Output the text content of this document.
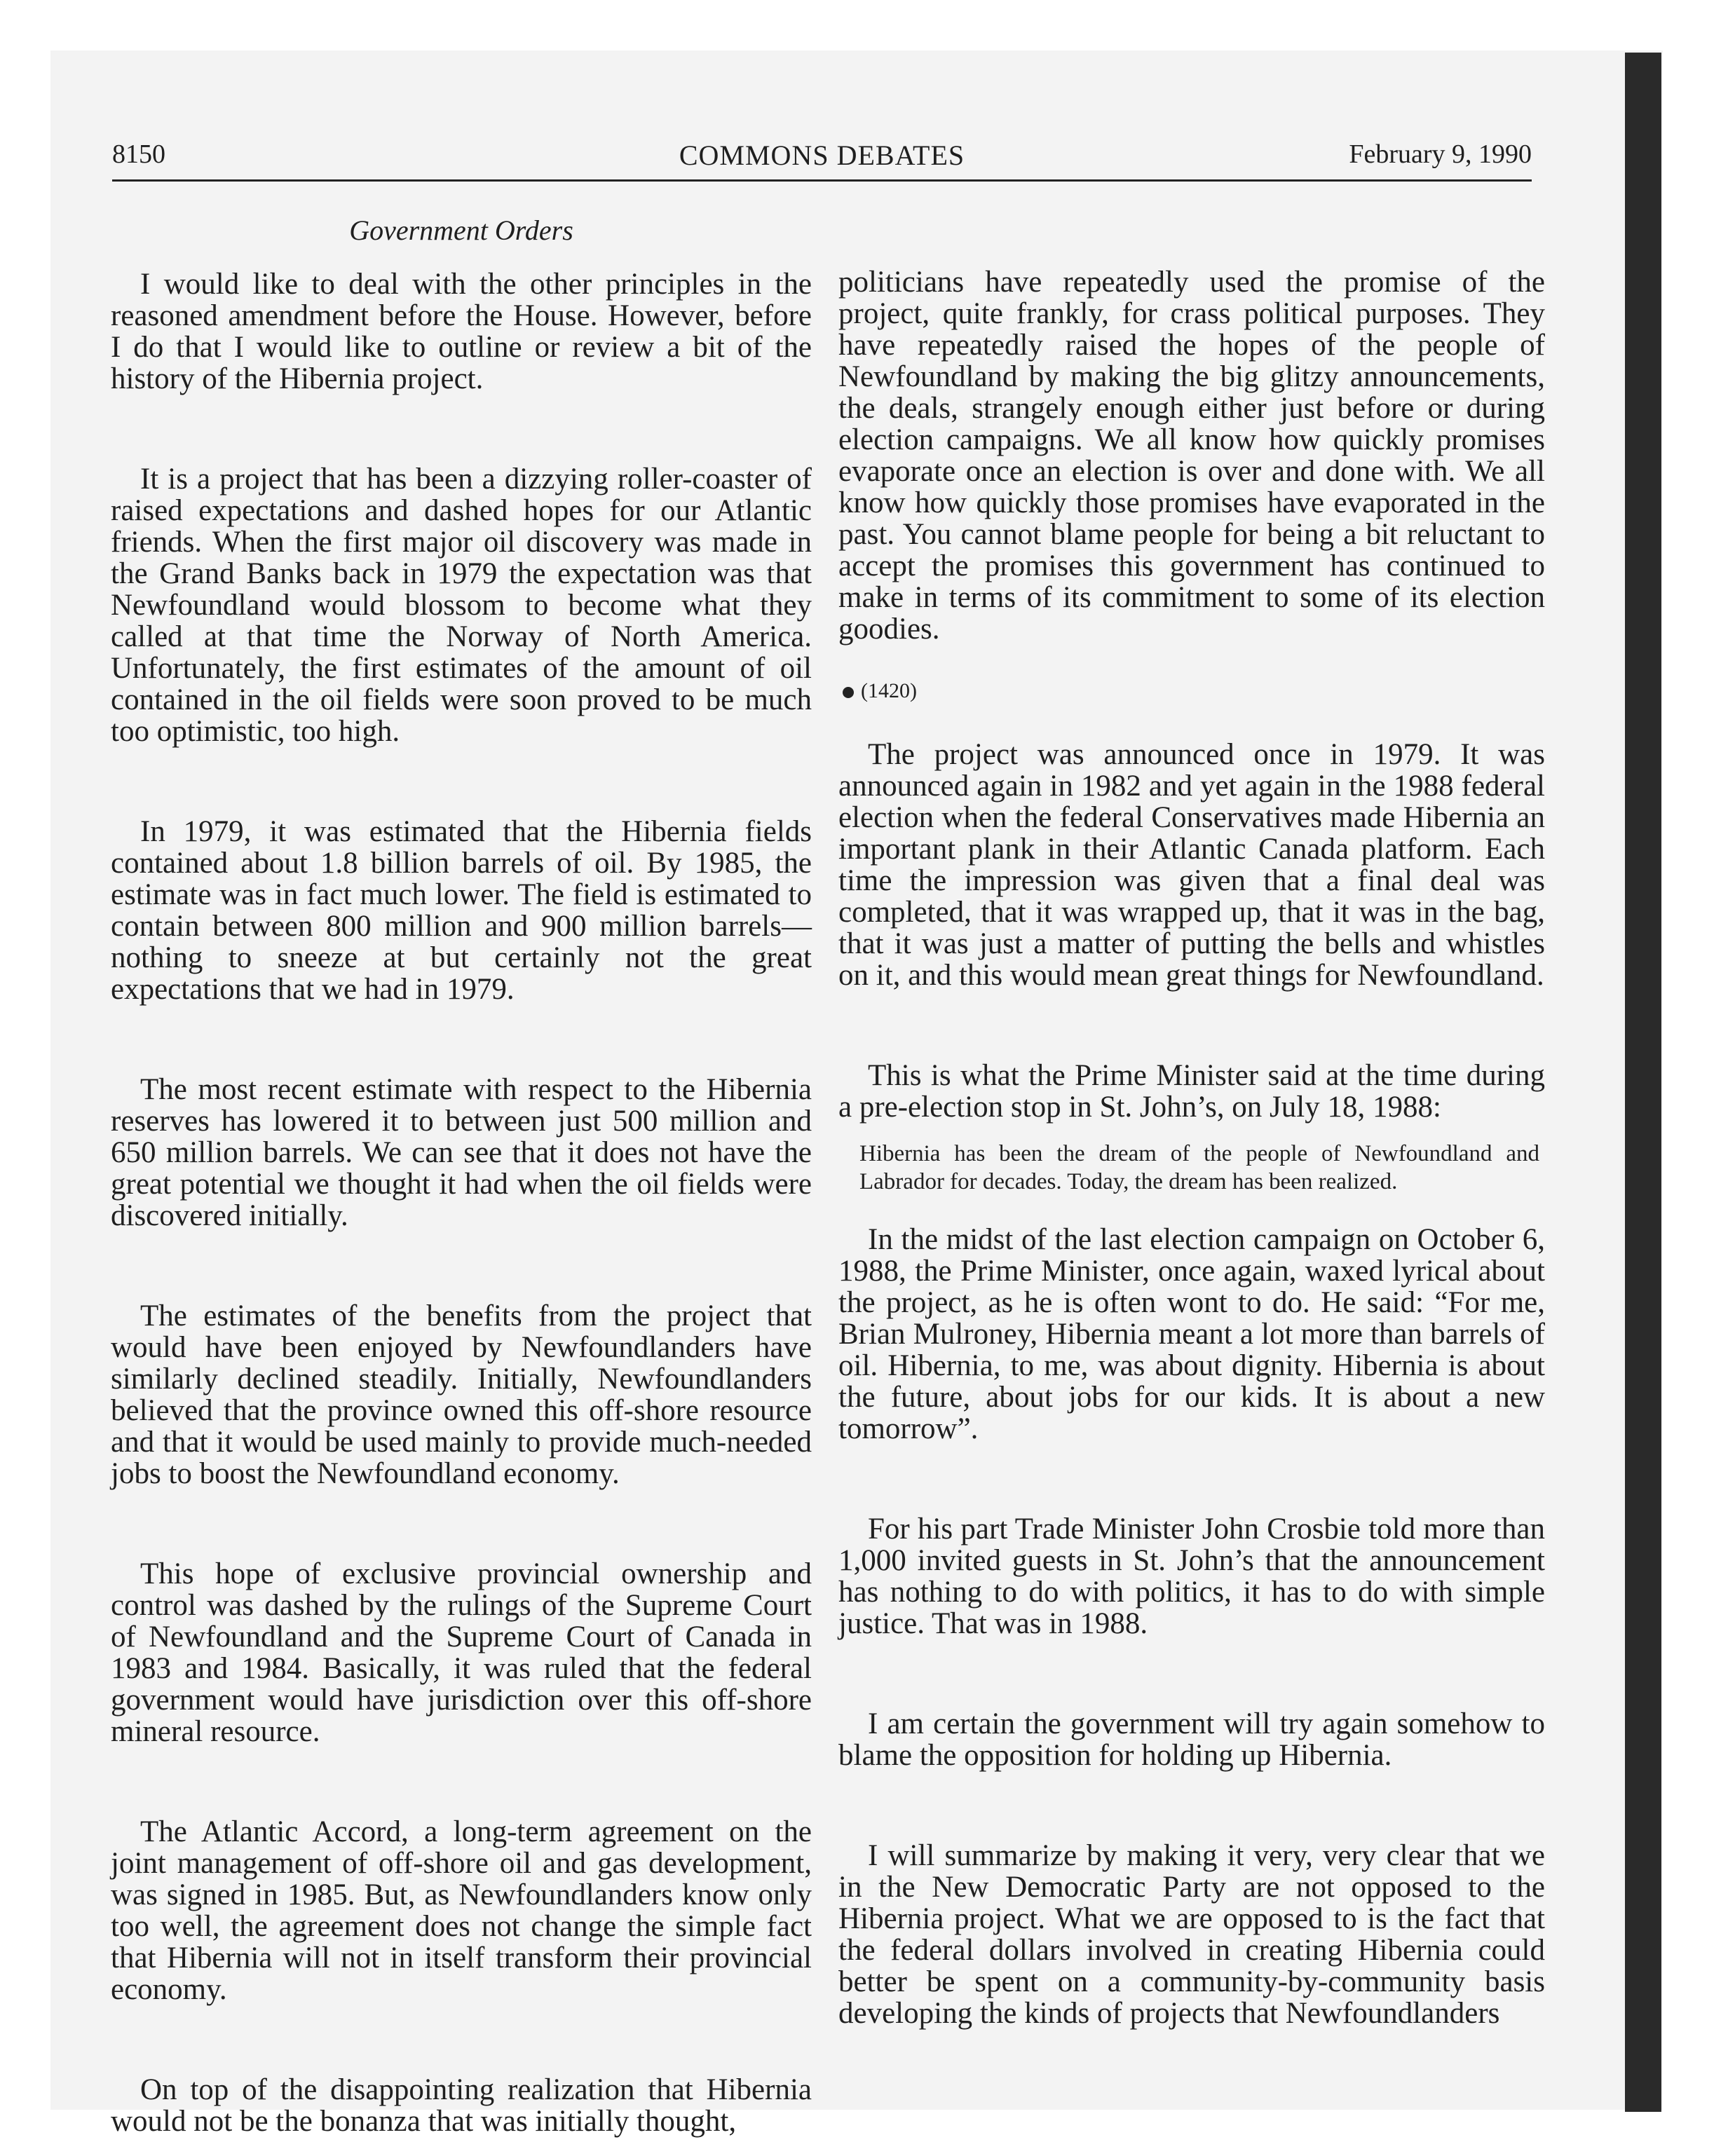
8150	COMMONS DEBATES	February 9, 1990
Government Orders

I would like to deal with the other principles in the reasoned amendment before the House. However, before I do that I would like to outline or review a bit of the history of the Hibernia project.

It is a project that has been a dizzying roller-coaster of raised expectations and dashed hopes for our Atlantic friends. When the first major oil discovery was made in the Grand Banks back in 1979 the expectation was that Newfoundland would blossom to become what they called at that time the Norway of North America. Unfortunately, the first estimates of the amount of oil contained in the oil fields were soon proved to be much too optimistic, too high.

In 1979, it was estimated that the Hibernia fields contained about 1.8 billion barrels of oil. By 1985, the estimate was in fact much lower. The field is estimated to contain between 800 million and 900 million barrels—nothing to sneeze at but certainly not the great expectations that we had in 1979.

The most recent estimate with respect to the Hibernia reserves has lowered it to between just 500 million and 650 million barrels. We can see that it does not have the great potential we thought it had when the oil fields were discovered initially.

The estimates of the benefits from the project that would have been enjoyed by Newfoundlanders have similarly declined steadily. Initially, Newfoundlanders believed that the province owned this off-shore resource and that it would be used mainly to provide much-needed jobs to boost the Newfoundland economy.

This hope of exclusive provincial ownership and control was dashed by the rulings of the Supreme Court of Newfoundland and the Supreme Court of Canada in 1983 and 1984. Basically, it was ruled that the federal government would have jurisdiction over this off-shore mineral resource.

The Atlantic Accord, a long-term agreement on the joint management of off-shore oil and gas development, was signed in 1985. But, as Newfoundlanders know only too well, the agreement does not change the simple fact that Hibernia will not in itself transform their provincial economy.

On top of the disappointing realization that Hibernia would not be the bonanza that was initially thought,

politicians have repeatedly used the promise of the project, quite frankly, for crass political purposes. They have repeatedly raised the hopes of the people of Newfoundland by making the big glitzy announcements, the deals, strangely enough either just before or during election campaigns. We all know how quickly promises evaporate once an election is over and done with. We all know how quickly those promises have evaporated in the past. You cannot blame people for being a bit reluctant to accept the promises this government has continued to make in terms of its commitment to some of its election goodies.

(1420)

The project was announced once in 1979. It was announced again in 1982 and yet again in the 1988 federal election when the federal Conservatives made Hibernia an important plank in their Atlantic Canada platform. Each time the impression was given that a final deal was completed, that it was wrapped up, that it was in the bag, that it was just a matter of putting the bells and whistles on it, and this would mean great things for Newfoundland.

This is what the Prime Minister said at the time during a pre-election stop in St. John’s, on July 18, 1988:

Hibernia has been the dream of the people of Newfoundland and Labrador for decades. Today, the dream has been realized.

In the midst of the last election campaign on October 6, 1988, the Prime Minister, once again, waxed lyrical about the project, as he is often wont to do. He said: “For me, Brian Mulroney, Hibernia meant a lot more than barrels of oil. Hibernia, to me, was about dignity. Hibernia is about the future, about jobs for our kids. It is about a new tomorrow”.

For his part Trade Minister John Crosbie told more than 1,000 invited guests in St. John’s that the announcement has nothing to do with politics, it has to do with simple justice. That was in 1988.

I am certain the government will try again somehow to blame the opposition for holding up Hibernia.

I will summarize by making it very, very clear that we in the New Democratic Party are not opposed to the Hibernia project. What we are opposed to is the fact that the federal dollars involved in creating Hibernia could better be spent on a community-by-community basis developing the kinds of projects that Newfoundlanders
